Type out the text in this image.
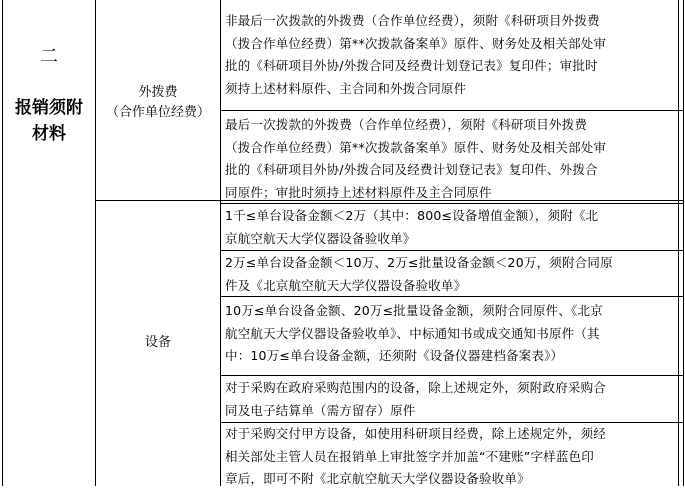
二
报销须附
材料
外拨费
（合作单位经费）
设备
非最后一次拨款的外拨费（合作单位经费），须附《科研项目外拨费
（拨合作单位经费）第**次拨款备案单》原件、财务处及相关部处审
批的《科研项目外协/外拨合同及经费计划登记表》复印件；审批时
须持上述材料原件、主合同和外拨合同原件
最后一次拨款的外拨费（合作单位经费），须附《科研项目外拨费
（拨合作单位经费）第**次拨款备案单》原件、财务处及相关部处审
批的《科研项目外协/外拨合同及经费计划登记表》复印件、外拨合
同原件；审批时须持上述材料原件及主合同原件
1千≤单台设备金额＜2万（其中：800≤设备增值金额），须附《北
京航空航天大学仪器设备验收单》
2万≤单台设备金额＜10万、2万≤批量设备金额＜20万，须附合同原
件及《北京航空航天大学仪器设备验收单》
10万≤单台设备金额、20万≤批量设备金额，须附合同原件、《北京
航空航天大学仪器设备验收单》、中标通知书或成交通知书原件（其
中：10万≤单台设备金额，还须附《设备仪器建档备案表》）
对于采购在政府采购范围内的设备，除上述规定外，须附政府采购合
同及电子结算单（需方留存）原件
对于采购交付甲方设备，如使用科研项目经费，除上述规定外，须经
相关部处主管人员在报销单上审批签字并加盖“不建账”字样蓝色印
章后，即可不附《北京航空航天大学仪器设备验收单》
